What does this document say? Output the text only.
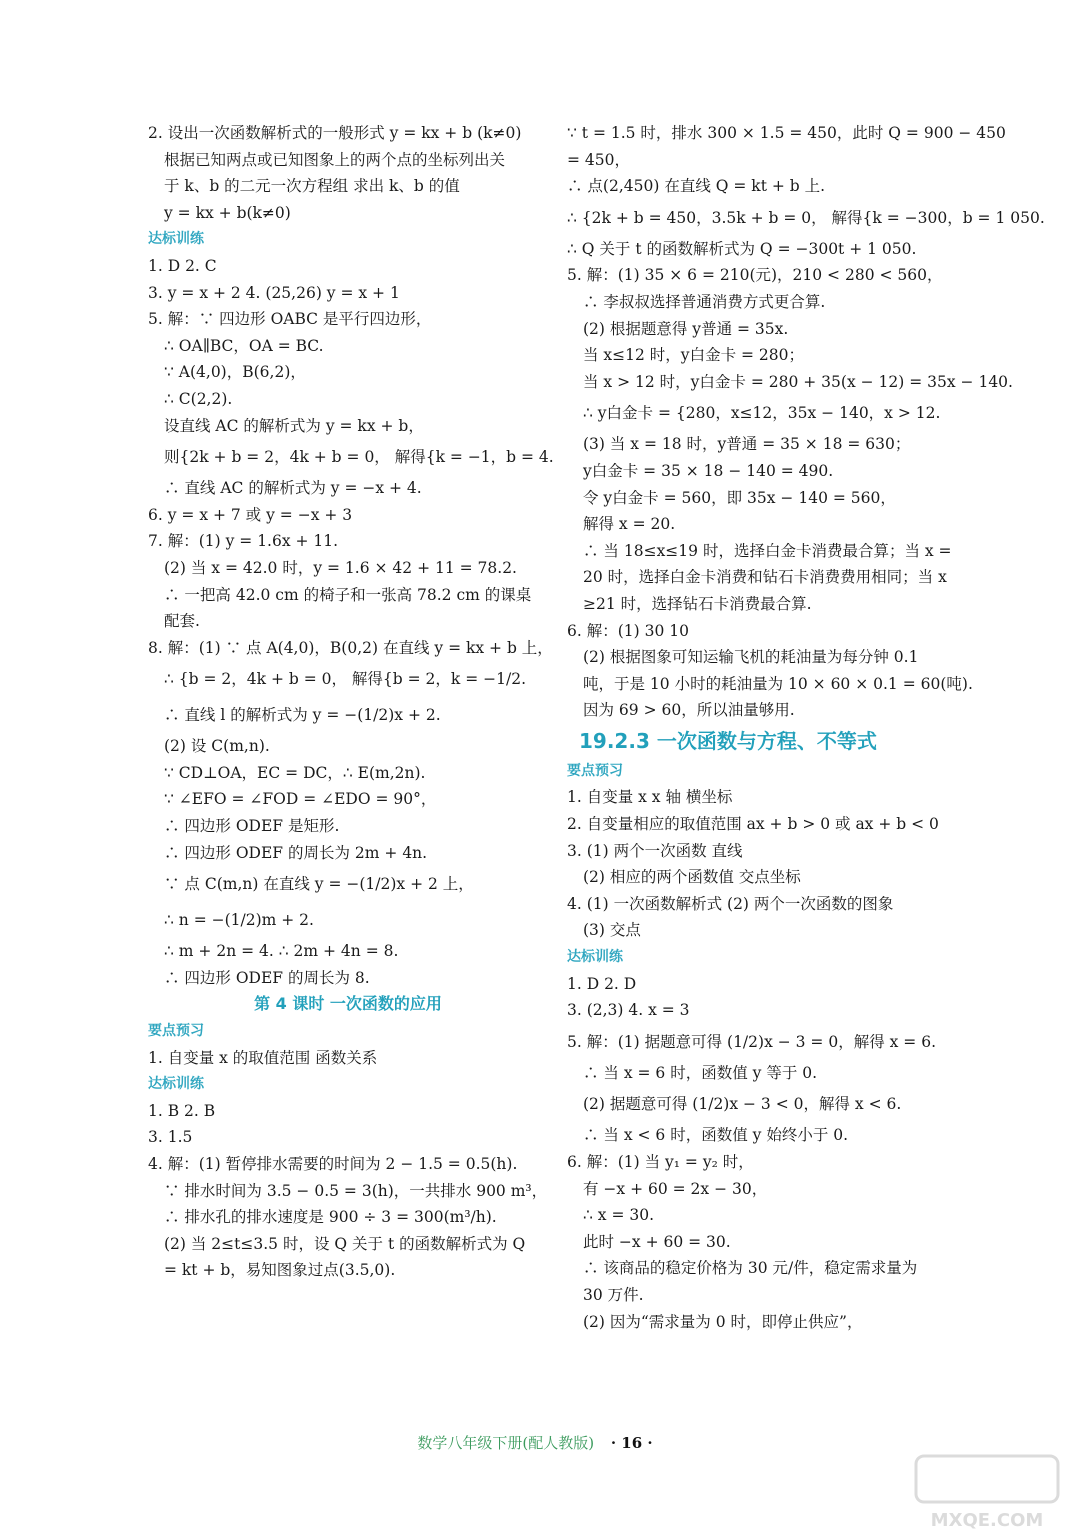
2. 设出一次函数解析式的一般形式 y = kx + b (k≠0)
根据已知两点或已知图象上的两个点的坐标列出关
于 k、b 的二元一次方程组 求出 k、b 的值
y = kx + b(k≠0)
达标训练
1. D 2. C
3. y = x + 2 4. (25,26) y = x + 1
5. 解：∵ 四边形 OABC 是平行四边形，
∴ OA∥BC，OA = BC.
∵ A(4,0)，B(6,2)，
∴ C(2,2).
设直线 AC 的解析式为 y = kx + b，
则{2k + b = 2，4k + b = 0， 解得{k = −1，b = 4.
∴ 直线 AC 的解析式为 y = −x + 4.
6. y = x + 7 或 y = −x + 3
7. 解：(1) y = 1.6x + 11.
(2) 当 x = 42.0 时，y = 1.6 × 42 + 11 = 78.2.
∴ 一把高 42.0 cm 的椅子和一张高 78.2 cm 的课桌
配套.
8. 解：(1) ∵ 点 A(4,0)，B(0,2) 在直线 y = kx + b 上，
∴ {b = 2，4k + b = 0， 解得{b = 2，k = −1/2.
∴ 直线 l 的解析式为 y = −(1/2)x + 2.
(2) 设 C(m,n).
∵ CD⊥OA，EC = DC，∴ E(m,2n).
∵ ∠EFO = ∠FOD = ∠EDO = 90°，
∴ 四边形 ODEF 是矩形.
∴ 四边形 ODEF 的周长为 2m + 4n.
∵ 点 C(m,n) 在直线 y = −(1/2)x + 2 上，
∴ n = −(1/2)m + 2.
∴ m + 2n = 4. ∴ 2m + 4n = 8.
∴ 四边形 ODEF 的周长为 8.
第 4 课时 一次函数的应用
要点预习
1. 自变量 x 的取值范围 函数关系
达标训练
1. B 2. B
3. 1.5
4. 解：(1) 暂停排水需要的时间为 2 − 1.5 = 0.5(h).
∵ 排水时间为 3.5 − 0.5 = 3(h)，一共排水 900 m³，
∴ 排水孔的排水速度是 900 ÷ 3 = 300(m³/h).
(2) 当 2≤t≤3.5 时，设 Q 关于 t 的函数解析式为 Q
= kt + b，易知图象过点(3.5,0).
∵ t = 1.5 时，排水 300 × 1.5 = 450，此时 Q = 900 − 450
= 450，
∴ 点(2,450) 在直线 Q = kt + b 上.
∴ {2k + b = 450，3.5k + b = 0， 解得{k = −300，b = 1 050.
∴ Q 关于 t 的函数解析式为 Q = −300t + 1 050.
5. 解：(1) 35 × 6 = 210(元)，210 < 280 < 560，
∴ 李叔叔选择普通消费方式更合算.
(2) 根据题意得 y普通 = 35x.
当 x≤12 时，y白金卡 = 280；
当 x > 12 时，y白金卡 = 280 + 35(x − 12) = 35x − 140.
∴ y白金卡 = {280，x≤12，35x − 140，x > 12.
(3) 当 x = 18 时，y普通 = 35 × 18 = 630；
y白金卡 = 35 × 18 − 140 = 490.
令 y白金卡 = 560，即 35x − 140 = 560，
解得 x = 20.
∴ 当 18≤x≤19 时，选择白金卡消费最合算；当 x =
20 时，选择白金卡消费和钻石卡消费费用相同；当 x
≥21 时，选择钻石卡消费最合算.
6. 解：(1) 30 10
(2) 根据图象可知运输飞机的耗油量为每分钟 0.1
吨，于是 10 小时的耗油量为 10 × 60 × 0.1 = 60(吨).
因为 69 > 60，所以油量够用.
19.2.3 一次函数与方程、不等式
要点预习
1. 自变量 x x 轴 横坐标
2. 自变量相应的取值范围 ax + b > 0 或 ax + b < 0
3. (1) 两个一次函数 直线
(2) 相应的两个函数值 交点坐标
4. (1) 一次函数解析式 (2) 两个一次函数的图象
(3) 交点
达标训练
1. D 2. D
3. (2,3) 4. x = 3
5. 解：(1) 据题意可得 (1/2)x − 3 = 0，解得 x = 6.
∴ 当 x = 6 时，函数值 y 等于 0.
(2) 据题意可得 (1/2)x − 3 < 0，解得 x < 6.
∴ 当 x < 6 时，函数值 y 始终小于 0.
6. 解：(1) 当 y₁ = y₂ 时，
有 −x + 60 = 2x − 30，
∴ x = 30.
此时 −x + 60 = 30.
∴ 该商品的稳定价格为 30 元/件，稳定需求量为
30 万件.
(2) 因为“需求量为 0 时，即停止供应”，
数学八年级下册(配人教版) · 16 ·
MXQE.COM
